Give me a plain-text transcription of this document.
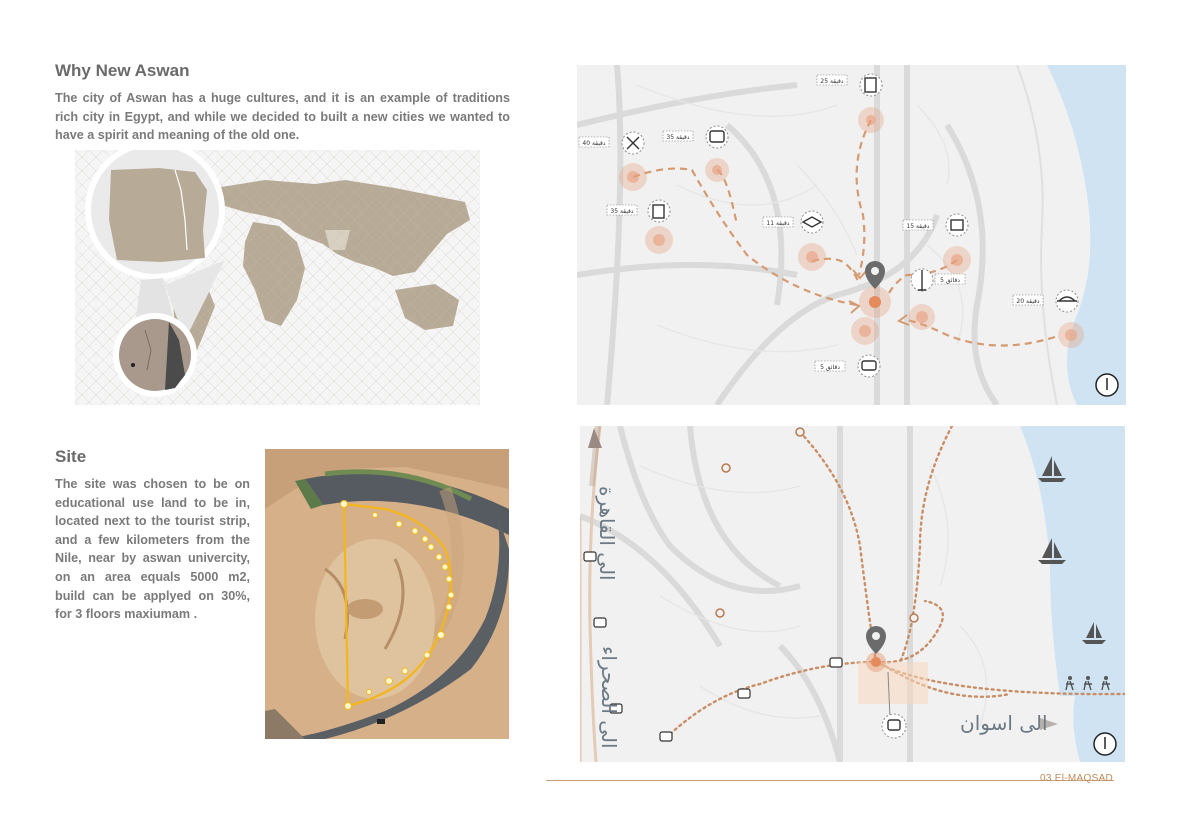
Why New Aswan
The city of Aswan has a huge cultures, and it is an example of traditions rich city in Egypt, and while we decided to built a new cities we wanted to have a spirit and meaning of the old one.
Site
The site was chosen to be on educational use land to be in, located next to the tourist strip, and a few kilometers from the Nile, near by aswan univercity, on an area equals 5000 m2, build can be applyed on 30%, for 3 floors maxiumam .
40 دقيقة
35 دقيقة
35 دقيقة
25 دقيقة
11 دقيقة	15 دقيقة
5 دقائق
20 دقيقة
5 دقائق
الى القاهرة
الى الصحراء	الى اسوان
03 El-MAQSAD
